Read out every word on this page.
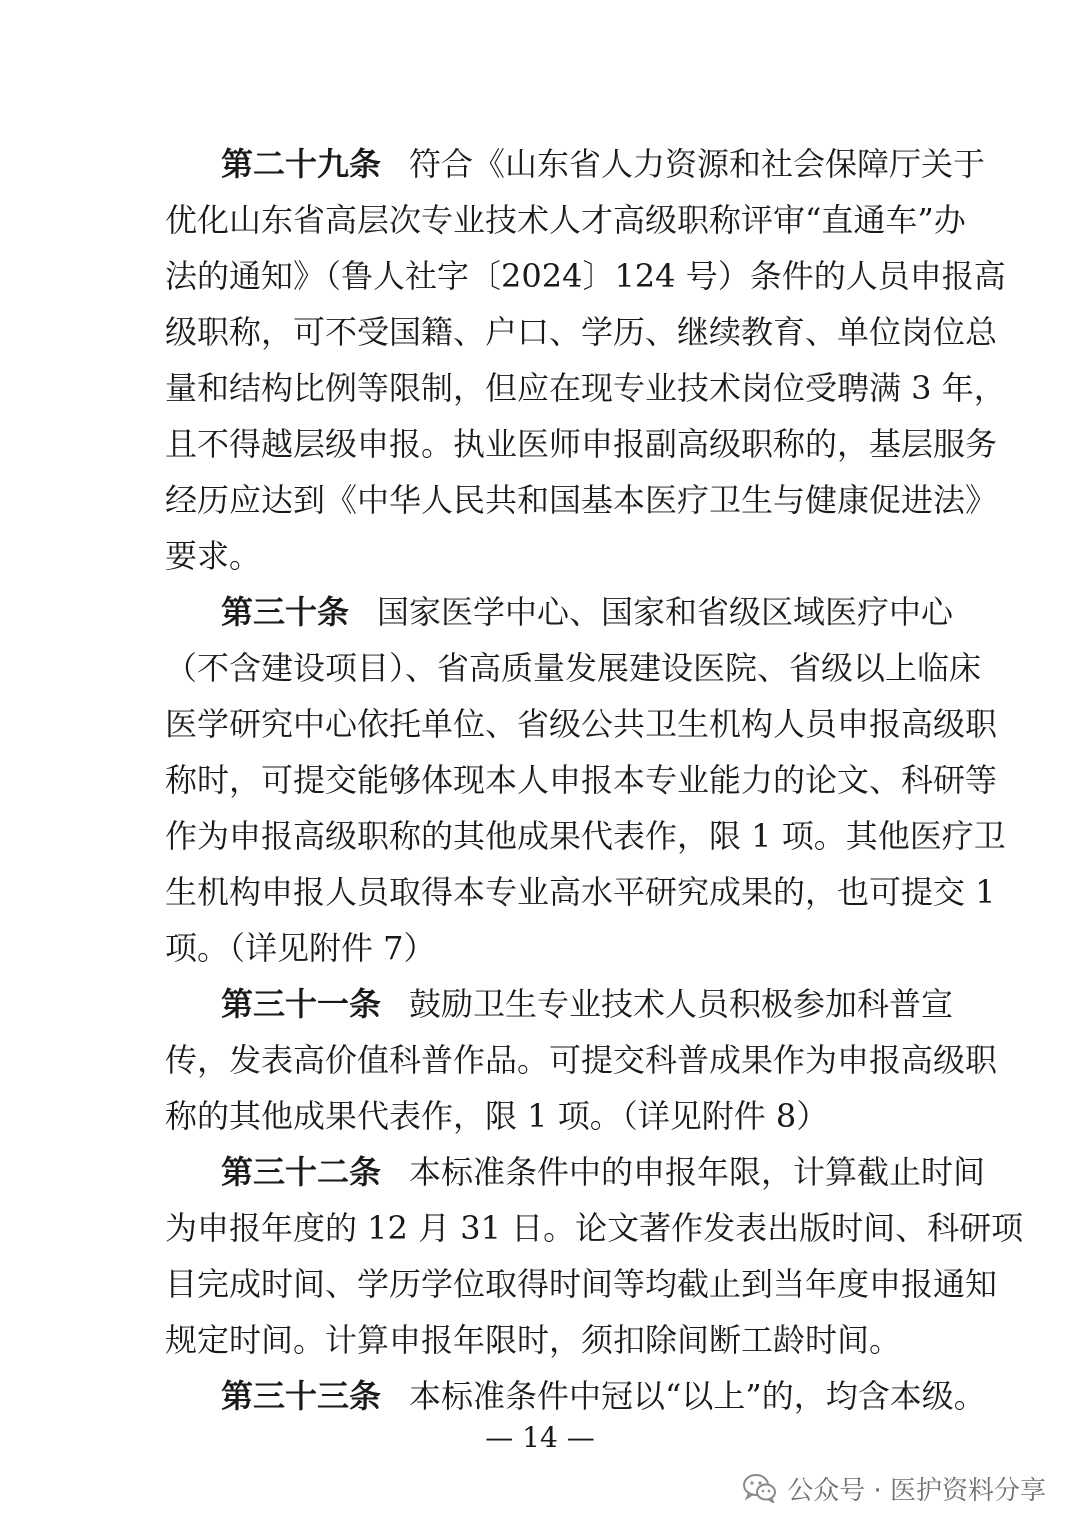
第二十九条 符合《山东省人力资源和社会保障厅关于
优化山东省高层次专业技术人才高级职称评审“直通车”办
法的通知》（鲁人社字〔2024〕124 号）条件的人员申报高
级职称，可不受国籍、户口、学历、继续教育、单位岗位总
量和结构比例等限制，但应在现专业技术岗位受聘满 3 年，
且不得越层级申报。执业医师申报副高级职称的，基层服务
经历应达到《中华人民共和国基本医疗卫生与健康促进法》
要求。
第三十条 国家医学中心、国家和省级区域医疗中心
（不含建设项目）、省高质量发展建设医院、省级以上临床
医学研究中心依托单位、省级公共卫生机构人员申报高级职
称时，可提交能够体现本人申报本专业能力的论文、科研等
作为申报高级职称的其他成果代表作，限 1 项。其他医疗卫
生机构申报人员取得本专业高水平研究成果的，也可提交 1
项。（详见附件 7）
第三十一条 鼓励卫生专业技术人员积极参加科普宣
传，发表高价值科普作品。可提交科普成果作为申报高级职
称的其他成果代表作，限 1 项。（详见附件 8）
第三十二条 本标准条件中的申报年限，计算截止时间
为申报年度的 12 月 31 日。论文著作发表出版时间、科研项
目完成时间、学历学位取得时间等均截止到当年度申报通知
规定时间。计算申报年限时，须扣除间断工龄时间。
第三十三条 本标准条件中冠以“以上”的，均含本级。
— 14 —
公众号 · 医护资料分享
